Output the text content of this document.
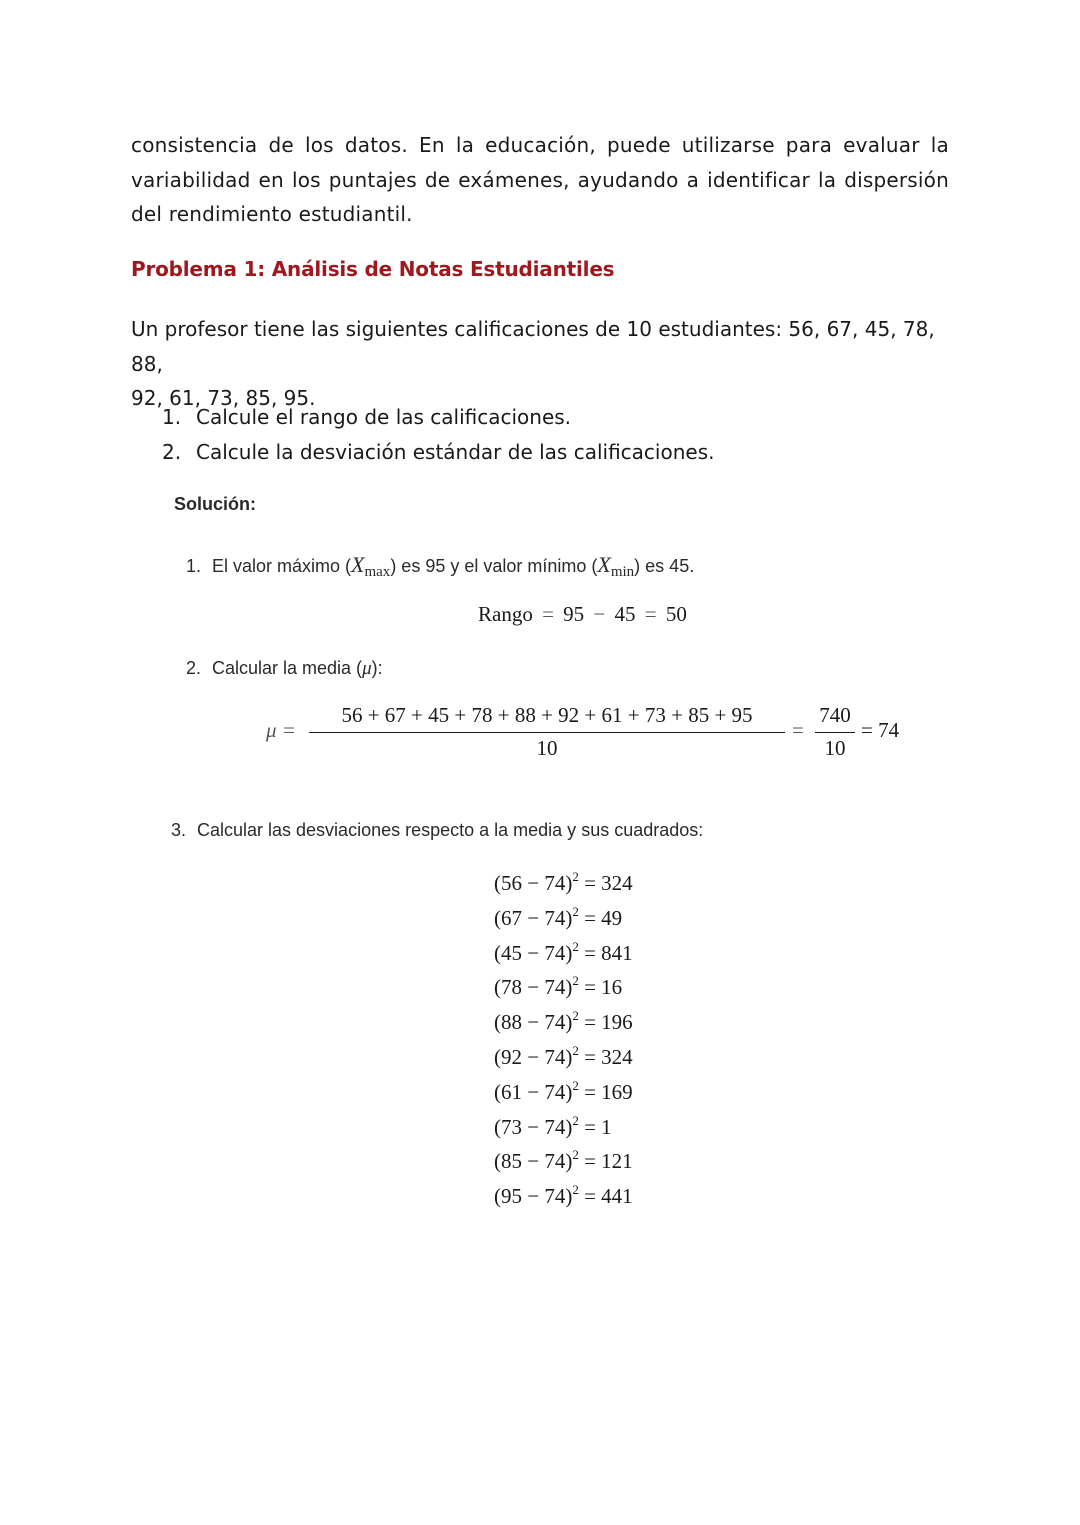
consistencia de los datos. En la educación, puede utilizarse para evaluar la
variabilidad en los puntajes de exámenes, ayudando a identificar la dispersión
del rendimiento estudiantil.

Problema 1: Análisis de Notas Estudiantiles

Un profesor tiene las siguientes calificaciones de 10 estudiantes: 56, 67, 45, 78, 88,
92, 61, 73, 85, 95.

1. Calcule el rango de las calificaciones.
2. Calcule la desviación estándar de las calificaciones.
Solución:
1. El valor máximo $(X_{max})$ es 95 y el valor mínimo $(X_{min})$ es 45.
Rango = 95 − 45 = 50
2. Calcular la media (μ):
μ =
56 + 67 + 45 + 78 + 88 + 92 + 61 + 73 + 85 + 95
10
=
740
10
= 74
3. Calcular las desviaciones respecto a la media y sus cuadrados:
$(56 - 74)^2 = 324$
$(67 - 74)^2 = 49$
$(45 - 74)^2 = 841$
$(78 - 74)^2 = 16$
$(88 - 74)^2 = 196$
$(92 - 74)^2 = 324$
$(61 - 74)^2 = 169$
$(73 - 74)^2 = 1$
$(85 - 74)^2 = 121$
$(95 - 74)^2 = 441$
